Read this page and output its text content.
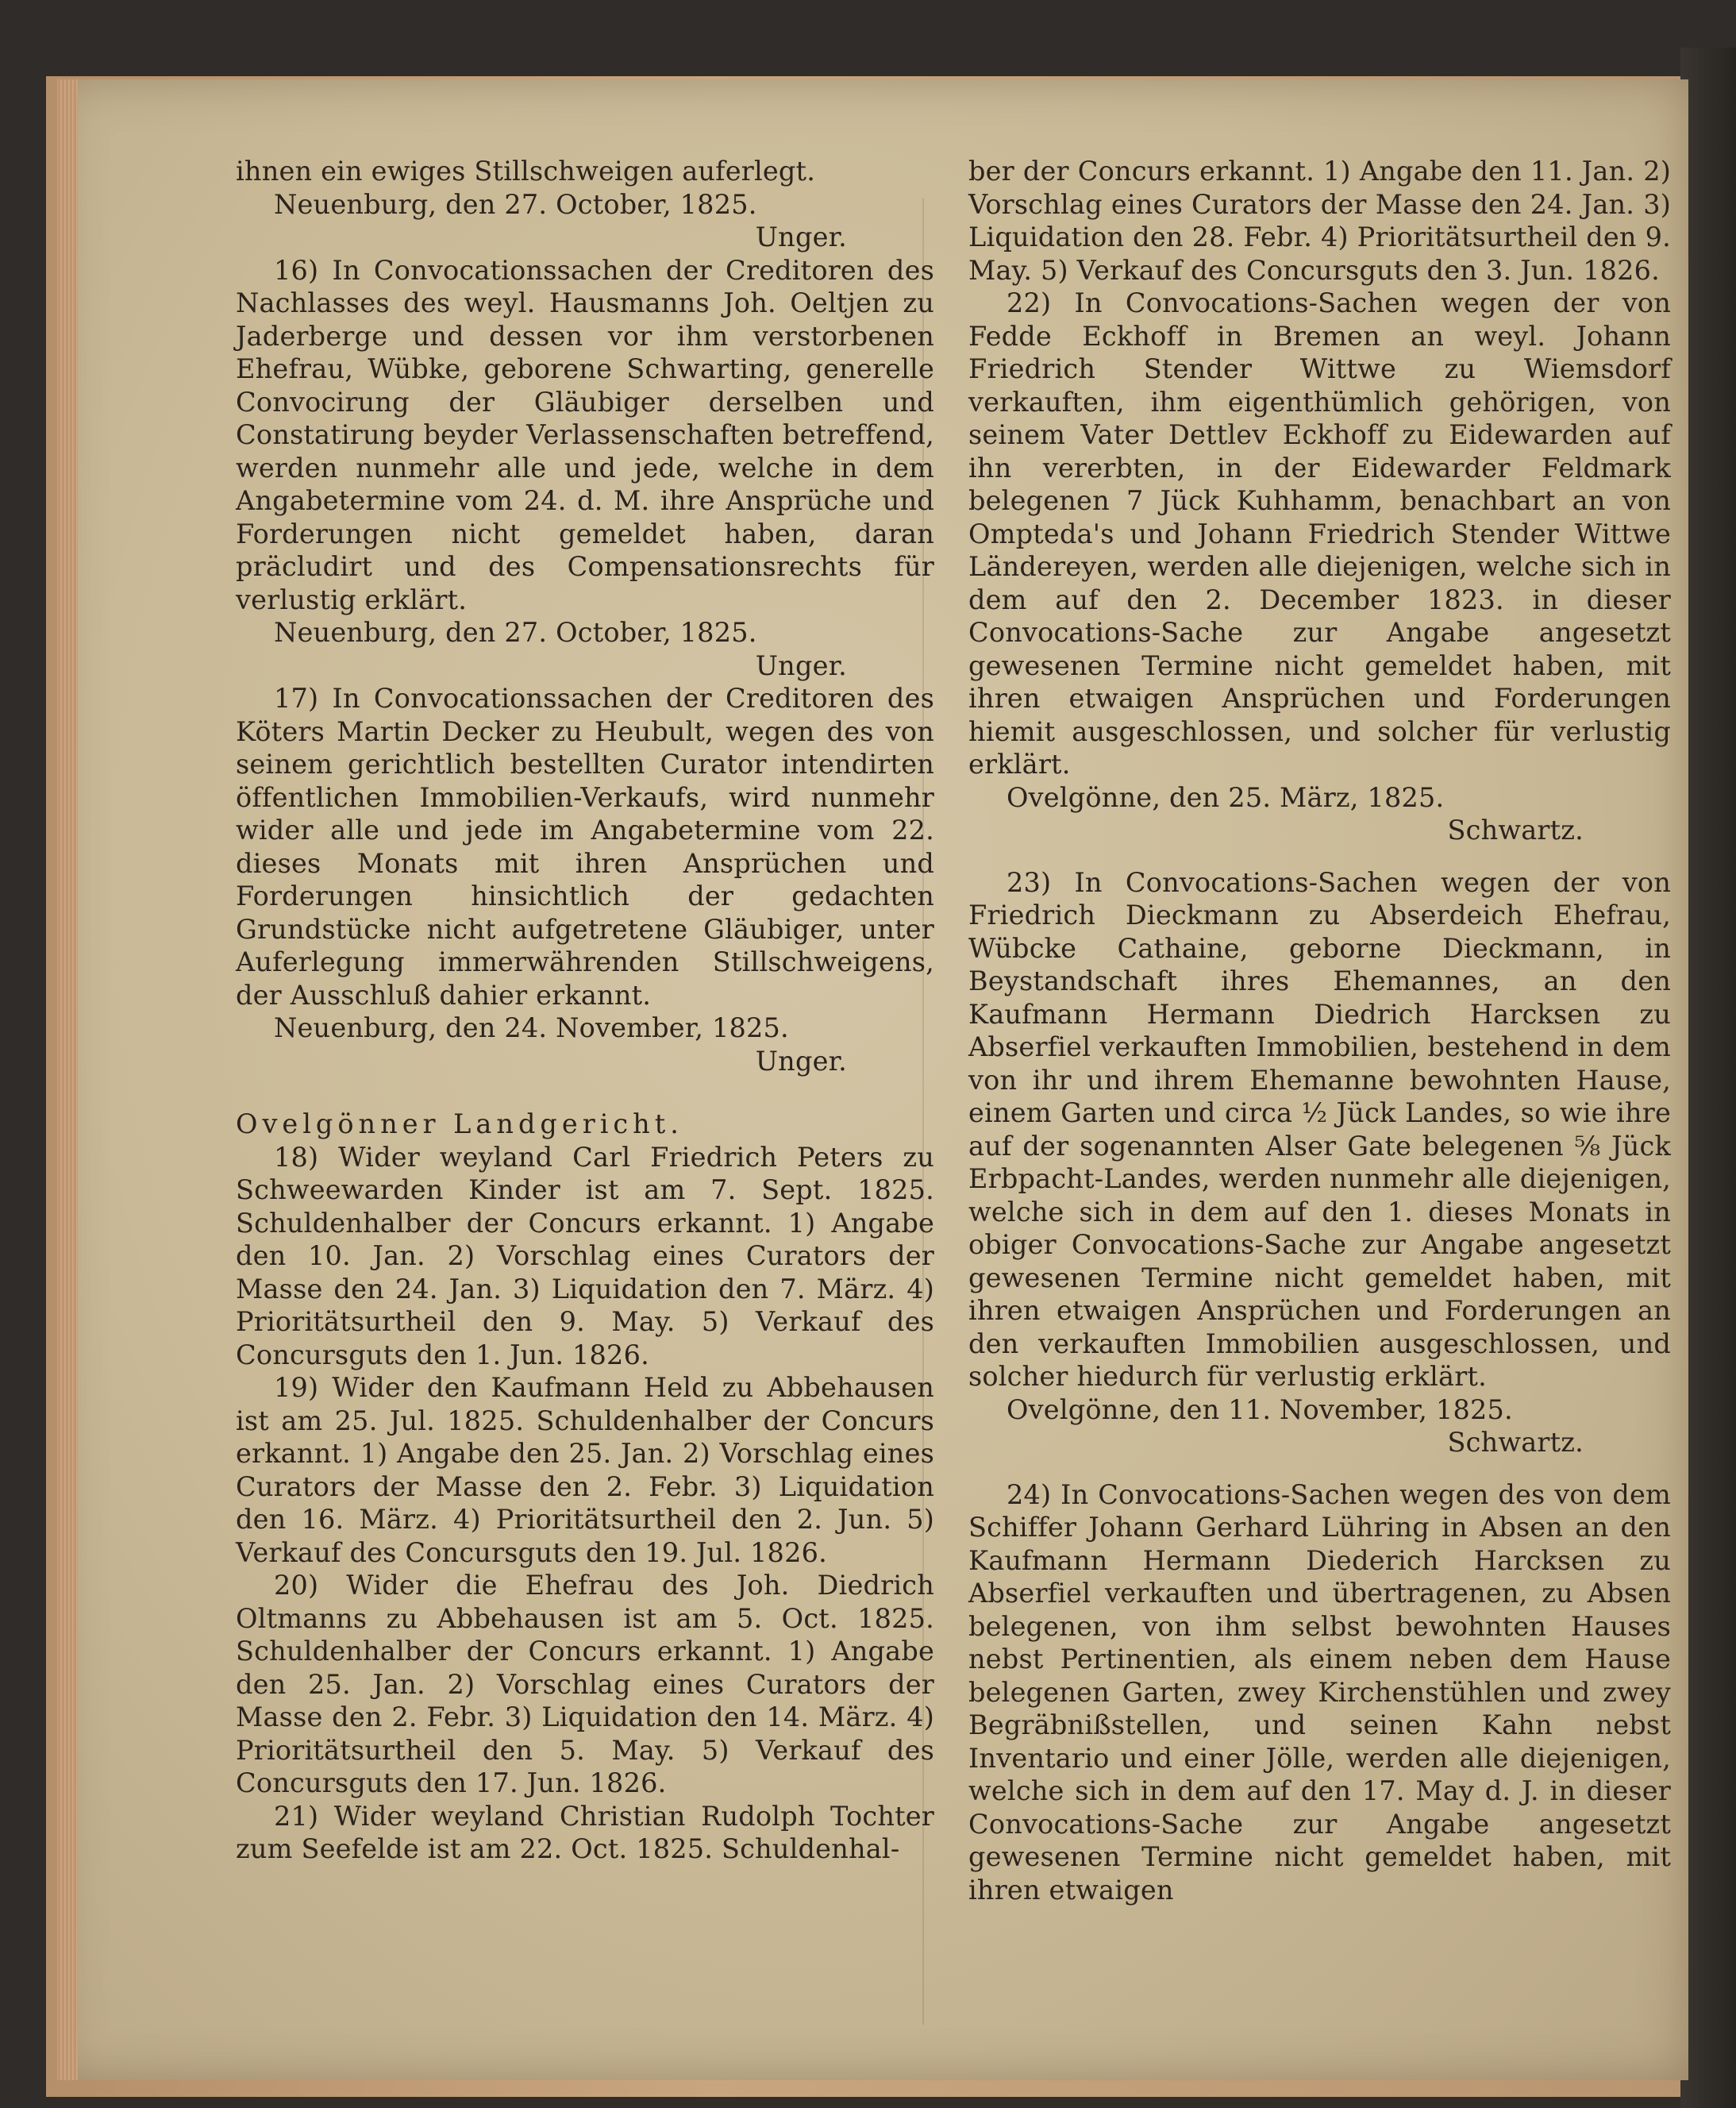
ihnen ein ewiges Stillschweigen auferlegt.

Neuenburg, den 27. October, 1825.

Unger.

16) In Convocationssachen der Creditoren des Nachlasses des weyl. Hausmanns Joh. Oeltjen zu Jaderberge und dessen vor ihm verstorbenen Ehefrau, Wübke, geborene Schwarting, generelle Convocirung der Gläubiger derselben und Constatirung beyder Verlassenschaften betreffend, werden nunmehr alle und jede, welche in dem Angabetermine vom 24. d. M. ihre Ansprüche und Forderungen nicht gemeldet haben, daran präcludirt und des Compensationsrechts für verlustig erklärt.

Neuenburg, den 27. October, 1825.

Unger.

17) In Convocationssachen der Creditoren des Köters Martin Decker zu Heubult, wegen des von seinem gerichtlich bestellten Curator intendirten öffentlichen Immobilien-Verkaufs, wird nunmehr wider alle und jede im Angabetermine vom 22. dieses Monats mit ihren Ansprüchen und Forderungen hinsichtlich der gedachten Grundstücke nicht aufgetretene Gläubiger, unter Auferlegung immerwährenden Stillschweigens, der Ausschluß dahier erkannt.

Neuenburg, den 24. November, 1825.

Unger.

Ovelgönner Landgericht.

18) Wider weyland Carl Friedrich Peters zu Schweewarden Kinder ist am 7. Sept. 1825. Schuldenhalber der Concurs erkannt. 1) Angabe den 10. Jan. 2) Vorschlag eines Curators der Masse den 24. Jan. 3) Liquidation den 7. März. 4) Prioritätsurtheil den 9. May. 5) Verkauf des Concursguts den 1. Jun. 1826.

19) Wider den Kaufmann Held zu Abbehausen ist am 25. Jul. 1825. Schuldenhalber der Concurs erkannt. 1) Angabe den 25. Jan. 2) Vorschlag eines Curators der Masse den 2. Febr. 3) Liquidation den 16. März. 4) Prioritätsurtheil den 2. Jun. 5) Verkauf des Concursguts den 19. Jul. 1826.

20) Wider die Ehefrau des Joh. Diedrich Oltmanns zu Abbehausen ist am 5. Oct. 1825. Schuldenhalber der Concurs erkannt. 1) Angabe den 25. Jan. 2) Vorschlag eines Curators der Masse den 2. Febr. 3) Liquidation den 14. März. 4) Prioritätsurtheil den 5. May. 5) Verkauf des Concursguts den 17. Jun. 1826.

21) Wider weyland Christian Rudolph Tochter zum Seefelde ist am 22. Oct. 1825. Schuldenhal-

ber der Concurs erkannt. 1) Angabe den 11. Jan. 2) Vorschlag eines Curators der Masse den 24. Jan. 3) Liquidation den 28. Febr. 4) Prioritätsurtheil den 9. May. 5) Verkauf des Concursguts den 3. Jun. 1826.

22) In Convocations-Sachen wegen der von Fedde Eckhoff in Bremen an weyl. Johann Friedrich Stender Wittwe zu Wiemsdorf verkauften, ihm eigenthümlich gehörigen, von seinem Vater Dettlev Eckhoff zu Eidewarden auf ihn vererbten, in der Eidewarder Feldmark belegenen 7 Jück Kuhhamm, benachbart an von Ompteda's und Johann Friedrich Stender Wittwe Ländereyen, werden alle diejenigen, welche sich in dem auf den 2. December 1823. in dieser Convocations-Sache zur Angabe angesetzt gewesenen Termine nicht gemeldet haben, mit ihren etwaigen Ansprüchen und Forderungen hiemit ausgeschlossen, und solcher für verlustig erklärt.

Ovelgönne, den 25. März, 1825.

Schwartz.

23) In Convocations-Sachen wegen der von Friedrich Dieckmann zu Abserdeich Ehefrau, Wübcke Cathaine, geborne Dieckmann, in Beystandschaft ihres Ehemannes, an den Kaufmann Hermann Diedrich Harcksen zu Abserfiel verkauften Immobilien, bestehend in dem von ihr und ihrem Ehemanne bewohnten Hause, einem Garten und circa ½ Jück Landes, so wie ihre auf der sogenannten Alser Gate belegenen ⅝ Jück Erbpacht-Landes, werden nunmehr alle diejenigen, welche sich in dem auf den 1. dieses Monats in obiger Convocations-Sache zur Angabe angesetzt gewesenen Termine nicht gemeldet haben, mit ihren etwaigen Ansprüchen und Forderungen an den verkauften Immobilien ausgeschlossen, und solcher hiedurch für verlustig erklärt.

Ovelgönne, den 11. November, 1825.

Schwartz.

24) In Convocations-Sachen wegen des von dem Schiffer Johann Gerhard Lühring in Absen an den Kaufmann Hermann Diederich Harcksen zu Abserfiel verkauften und übertragenen, zu Absen belegenen, von ihm selbst bewohnten Hauses nebst Pertinentien, als einem neben dem Hause belegenen Garten, zwey Kirchenstühlen und zwey Begräbnißstellen, und seinen Kahn nebst Inventario und einer Jölle, werden alle diejenigen, welche sich in dem auf den 17. May d. J. in dieser Convocations-Sache zur Angabe angesetzt gewesenen Termine nicht gemeldet haben, mit ihren etwaigen
